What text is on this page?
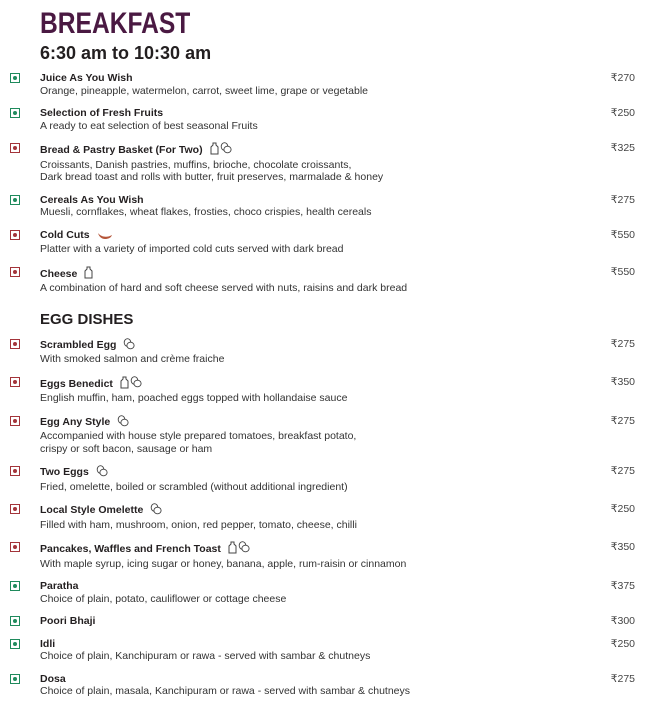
BREAKFAST
6:30 am to 10:30 am
Juice As You Wish
Orange, pineapple, watermelon, carrot, sweet lime, grape or vegetable
₹270
Selection of Fresh Fruits
A ready to eat selection of best seasonal Fruits
₹250
Bread & Pastry Basket (For Two)
Croissants, Danish pastries, muffins, brioche, chocolate croissants,
Dark bread toast and rolls with butter, fruit preserves, marmalade & honey
₹325
Cereals As You Wish
Muesli, cornflakes, wheat flakes, frosties, choco crispies, health cereals
₹275
Cold Cuts
Platter with a variety of imported cold cuts served with dark bread
₹550
Cheese
A combination of hard and soft cheese served with nuts, raisins and dark bread
₹550
EGG DISHES
Scrambled Egg
With smoked salmon and crème fraiche
₹275
Eggs Benedict
English muffin, ham, poached eggs topped with hollandaise sauce
₹350
Egg Any Style
Accompanied with house style prepared tomatoes, breakfast potato,
crispy or soft bacon, sausage or ham
₹275
Two Eggs
Fried, omelette, boiled or scrambled (without additional ingredient)
₹275
Local Style Omelette
Filled with ham, mushroom, onion, red pepper, tomato, cheese, chilli
₹250
Pancakes, Waffles and French Toast
With maple syrup, icing sugar or honey, banana, apple, rum-raisin or cinnamon
₹350
Paratha
Choice of plain, potato, cauliflower or cottage cheese
₹375
Poori Bhaji	₹300
Idli
Choice of plain, Kanchipuram or rawa - served with sambar & chutneys
₹250
Dosa
Choice of plain, masala, Kanchipuram or rawa - served with sambar & chutneys
₹275
